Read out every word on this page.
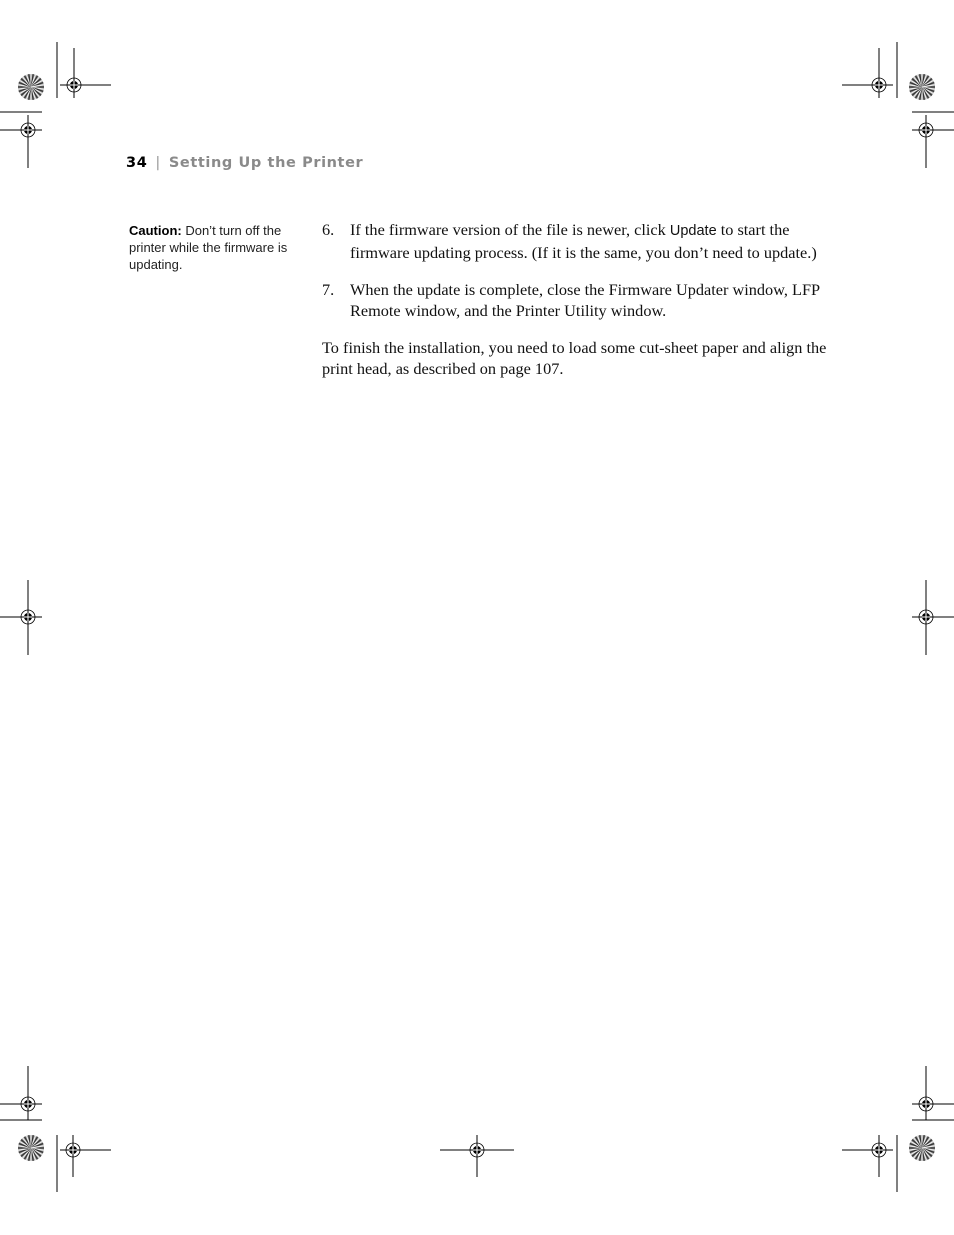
34 | Setting Up the Printer
Caution: Don’t turn off the printer while the firmware is updating.
6. If the firmware version of the file is newer, click Update to start the firmware updating process. (If it is the same, you don’t need to update.)
7. When the update is complete, close the Firmware Updater window, LFP Remote window, and the Printer Utility window.

To finish the installation, you need to load some cut-sheet paper and align the print head, as described on page 107.
